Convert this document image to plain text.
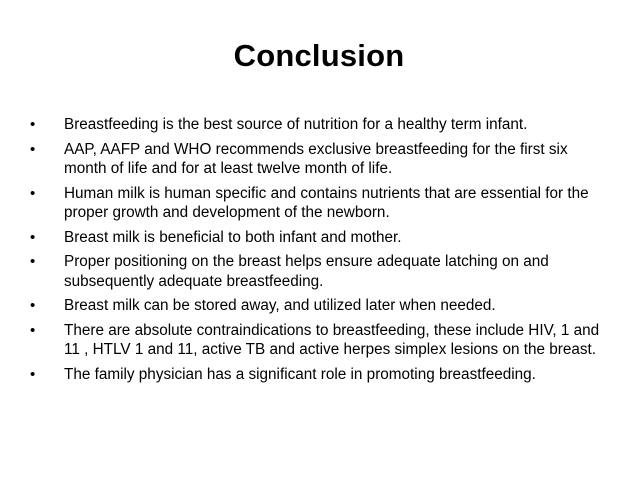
Conclusion
•	Breastfeeding is the best source of nutrition for a healthy term infant.
•	AAP, AAFP and WHO recommends exclusive breastfeeding for the first six month of life and for at least twelve month of life.
•	Human milk is human specific and contains nutrients that are essential for the proper growth and development of the newborn.
•	Breast milk is beneficial to both infant and mother.
•	Proper positioning on the breast helps ensure adequate latching on and subsequently adequate breastfeeding.
•	Breast milk can be stored away, and utilized later when needed.
•	There are absolute contraindications to breastfeeding, these include HIV, 1 and 11 , HTLV 1 and 11, active TB and active herpes simplex lesions on the breast.
•	The family physician has a significant role in promoting breastfeeding.
